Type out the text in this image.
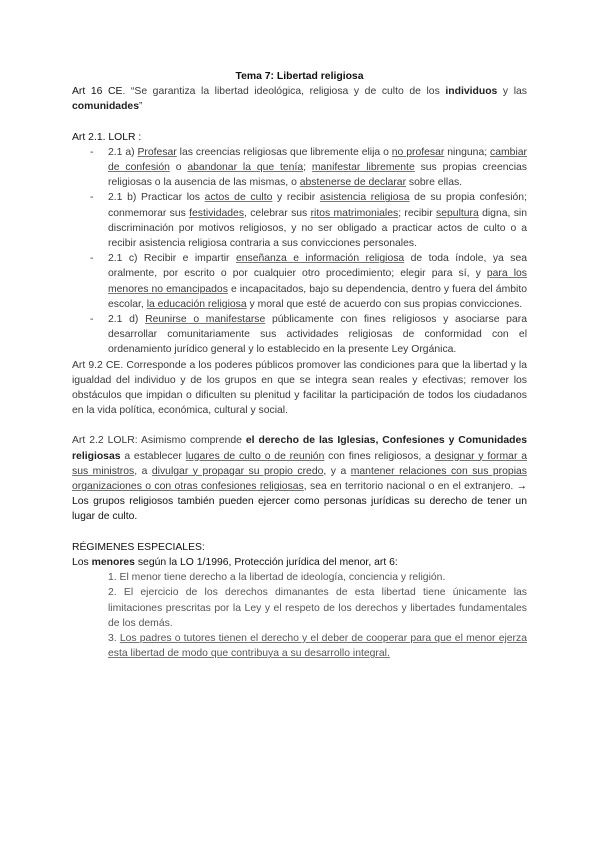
Tema 7: Libertad religiosa

Art 16 CE. “Se garantiza la libertad ideológica, religiosa y de culto de los individuos y las comunidades”

Art 2.1. LOLR :

- 2.1 a) Profesar las creencias religiosas que libremente elija o no profesar ninguna; cambiar de confesión o abandonar la que tenía; manifestar libremente sus propias creencias religiosas o la ausencia de las mismas, o abstenerse de declarar sobre ellas.
- 2.1 b) Practicar los actos de culto y recibir asistencia religiosa de su propia confesión; conmemorar sus festividades, celebrar sus ritos matrimoniales; recibir sepultura digna, sin discriminación por motivos religiosos, y no ser obligado a practicar actos de culto o a recibir asistencia religiosa contraria a sus convicciones personales.
- 2.1 c) Recibir e impartir enseñanza e información religiosa de toda índole, ya sea oralmente, por escrito o por cualquier otro procedimiento; elegir para sí, y para los menores no emancipados e incapacitados, bajo su dependencia, dentro y fuera del ámbito escolar, la educación religiosa y moral que esté de acuerdo con sus propias convicciones.
- 2.1 d) Reunirse o manifestarse públicamente con fines religiosos y asociarse para desarrollar comunitariamente sus actividades religiosas de conformidad con el ordenamiento jurídico general y lo establecido en la presente Ley Orgánica.

Art 9.2 CE. Corresponde a los poderes públicos promover las condiciones para que la libertad y la igualdad del individuo y de los grupos en que se integra sean reales y efectivas; remover los obstáculos que impidan o dificulten su plenitud y facilitar la participación de todos los ciudadanos en la vida política, económica, cultural y social.

Art 2.2 LOLR: Asimismo comprende el derecho de las Iglesias, Confesiones y Comunidades religiosas a establecer lugares de culto o de reunión con fines religiosos, a designar y formar a sus ministros, a divulgar y propagar su propio credo, y a mantener relaciones con sus propias organizaciones o con otras confesiones religiosas, sea en territorio nacional o en el extranjero. → Los grupos religiosos también pueden ejercer como personas jurídicas su derecho de tener un lugar de culto.

RÉGIMENES ESPECIALES:

Los menores según la LO 1/1996, Protección jurídica del menor, art 6:

1. El menor tiene derecho a la libertad de ideología, conciencia y religión.

2. El ejercicio de los derechos dimanantes de esta libertad tiene únicamente las limitaciones prescritas por la Ley y el respeto de los derechos y libertades fundamentales de los demás.

3. Los padres o tutores tienen el derecho y el deber de cooperar para que el menor ejerza esta libertad de modo que contribuya a su desarrollo integral.
